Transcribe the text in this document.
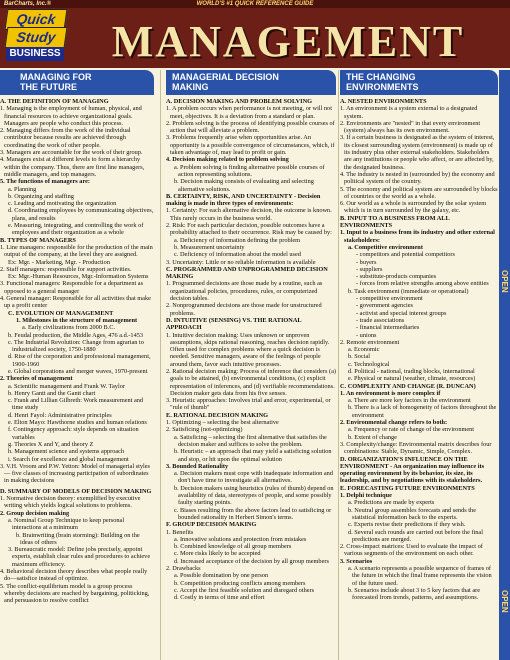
BarCharts, Inc.®	WORLD'S #1 QUICK REFERENCE GUIDE
Quick
Study
BUSINESS	MANAGEMENT
MANAGING FOR
THE FUTURE
A. THE DEFINITION OF MANAGING
1. Managing is the employment of human, physical, and financial resources to achieve organizational goals. Managers are people who conduct this process.
2. Managing differs from the work of the individual contributor because results are achieved through coordinating the work of other people.
3. Managers are accountable for the work of their group.
4. Managers exist at different levels to form a hierarchy within the company. Thus, there are first line managers, middle managers, and top managers.
5. The functions of managers are:
a. Planning
b. Organizing and staffing
c. Leading and motivating the organization
d. Coordinating employees by communicating objectives, plans, and results
e. Measuring, integrating, and controlling the work of employees and their organization as a whole
B. TYPES OF MANAGERS
1. Line managers: responsible for the production of the main output of the company, at the level they are assigned.
Ex: Mgr. - Marketing, Mgr. - Production
2. Staff managers: responsible for support activities.
Ex: Mgr.-Human Resources, Mgr.-Information Systems
3. Functional managers: Responsible for a department as opposed to a general manager
4. General manager: Responsible for all activities that make up a profit center
C. EVOLUTION OF MANAGEMENT
1. Milestones in the structure of management
a. Early civilizations from 2000 B.C.
b. Feudal production, the Middle Ages, 476 a.d.-1453
c. The Industrial Revolution: Change from agrarian to industrialized society, 1750-1880
d. Rise of the corporation and professional management, 1900-1960
e. Global corporations and merger waves, 1970-present
2. Theories of management
a. Scientific management and Frank W. Taylor
b. Henry Gantt and the Gantt chart
c. Frank and Lillian Gilbreth: Work measurement and time study
d. Henri Fayol: Administrative principles
e. Elton Mayo: Hawthorne studies and human relations
f. Contingency approach: style depends on situation variables
g. Theories X and Y, and theory Z
h. Management science and systems approach
i. Search for excellence and global management
3. V.H. Vroom and P.W. Yetton: Model of managerial styles — five classes of increasing participation of subordinates in making decisions
D. SUMMARY OF MODELS OF DECISION MAKING
1. Normative decision theory: exemplified by executive writing which yields logical solutions to problems.
2. Group decision making
a. Nominal Group Technique to keep personal interactions at a minimum
b. Brainwriting (brain storming): Building on the ideas of others
3. Bureaucratic model: Define jobs precisely, appoint experts, establish clear rules and procedures to achieve maximum efficiency.
4. Behavioral decision theory describes what people really do—satisfice instead of optimize.
5. The conflict-equilibrium model is a group process whereby decisions are reached by bargaining, politicking, and persuasion to resolve conflict
MANAGERIAL DECISION
MAKING
A. DECISION MAKING AND PROBLEM SOLVING
1. A problem occurs when performance is not meeting, or will not meet, objectives. It is a deviation from a standard or plan.
2. Problem solving is the process of identifying possible courses of action that will alleviate a problem.
3. Problems frequently arise when opportunities arise. An opportunity is a possible convergence of circumstances, which, if taken advantage of, may lead to profit or gain.
4. Decision making related to problem solving
a. Problem solving is finding alternative possible courses of action representing solutions.
b. Decision making consists of evaluating and selecting alternative solutions.
B. CERTAINTY, RISK, AND UNCERTAINTY - Decision making is made in three types of environments:
1. Certainty: For each alternative decision, the outcome is known. This rarely occurs in the business world.
2. Risk: For each particular decision, possible outcomes have a probability attached to their occurrence. Risk may be caused by:
a. Deficiency of information defining the problem
b. Measurement uncertainty
c. Deficiency of information about the model used
3. Uncertainty: Little or no reliable information is available
C. PROGRAMMED AND UNPROGRAMMED DECISION MAKING
1. Programmed decisions are those made by a routine, such as organizational policies, procedures, rules, or computerized decision tables.
2. Nonprogrammed decisions are those made for unstructured problems.
D. INTUITIVE (SENSING) VS. THE RATIONAL APPROACH
1. Intuitive decision making: Uses unknown or unproven assumptions, skips rational reasoning, reaches decision rapidly. Often used for complex problems where a quick decision is needed. Sensitive managers, aware of the feelings of people around them, favor such intuitive processes.
2. Rational decision making: Process of inference that considers (a) goals to be attained, (b) environmental conditions, (c) explicit representation of inferences, and (d) verifiable recommendations. Decision maker gets data from his five senses.
3. Heuristic approaches: Involves trial and error, experimental, or "rule of thumb"
E. RATIONAL DECISION MAKING
1. Optimizing – selecting the best alternative
2. Satisficing (not-optimizing)
a. Satisficing – selecting the first alternative that satisfies the decision maker and suffices to solve the problem.
b. Heuristic – an approach that may yield a satisficing solution and stop, or hit upon the optimal solution
3. Bounded Rationality
a. Decision makers must cope with inadequate information and don't have time to investigate all alternatives.
b. Decision makers using heuristics (rules of thumb) depend on availability of data, stereotypes of people, and some possibly faulty starting points.
c. Biases resulting from the above factors lead to satisficing or bounded rationality in Herbert Simon's terms.
F. GROUP DECISION MAKING
1. Benefits
a. Innovative solutions and protection from mistakes
b. Combined knowledge of all group members
c. More risks likely to be accepted
d. Increased acceptance of the decision by all group members
2. Drawbacks
a. Possible domination by one person
b. Competition producing conflicts among members
c. Accept the first feasible solution and disregard others
d. Costly in terms of time and effort
THE CHANGING
ENVIRONMENTS
A. NESTED ENVIRONMENTS
1. An environment is a system external to a designated system.
2. Environments are "nested" in that every environment (system) always has its own environment.
3. If a certain business is designated as the system of interest, its closest surrounding system (environment) is made up of its industry plus other external stakeholders. Stakeholders are any institutions or people who affect, or are affected by, the designated business.
4. The industry is nested in (surrounded by) the economy and political system of the country.
5. The economy and political system are surrounded by blocks of countries or the world as a whole.
6. Our world as a whole is surrounded by the solar system which is in turn surrounded by the galaxy, etc.
B. INPUT TO A BUSINESS FROM ALL ENVIRONMENTS
1. Input to a business from its industry and other external stakeholders:
a. Competitive environment
- competitors and potential competitors
- buyers
- suppliers
- substitute-products companies
- forces from relative strengths among above entities
b. Task environment (immediate or operational)
- competitive environment
- government agencies
- activist and special interest groups
- trade associations
- financial intermediaries
- unions
2. Remote environment
a. Economic
b. Social
c. Technological
d. Political - national, trading blocks, international
e. Physical or natural (weather, climate, resources)
C. COMPLEXITY AND CHANGE (R. DUNCAN)
1. An environment is more complex if
a. There are more key factors in the environment
b. There is a lack of homogeneity of factors throughout the environment
2. Environmental change refers to both:
a. Frequency or rate of change of the environment
b. Extent of change
3. Complexity/change: Environmental matrix describes four combinations: Stable, Dynamic, Simple, Complex.
D. ORGANIZATION'S INFLUENCE ON THE ENVIRONMENT - An organization may influence its operating environment by its behavior, its size, its leadership, and by negotiations with its stakeholders.
E. FORECASTING FUTURE ENVIRONMENTS
1. Delphi technique
a. Predictions are made by experts
b. Neutral group assembles forecasts and sends the statistical information back to the experts.
c. Experts revise their predictions if they wish.
d. Several such rounds are carried out before the final predictions are merged.
2. Cross-impact matrices: Used to evaluate the impact of various segments of the environment on each other.
3. Scenarios
a. A scenario represents a possible sequence of frames of the future in which the final frame represents the vision of the future used.
b. Scenarios include about 3 to 5 key factors that are forecasted from trends, patterns, and assumptions.
OPEN
OPEN
